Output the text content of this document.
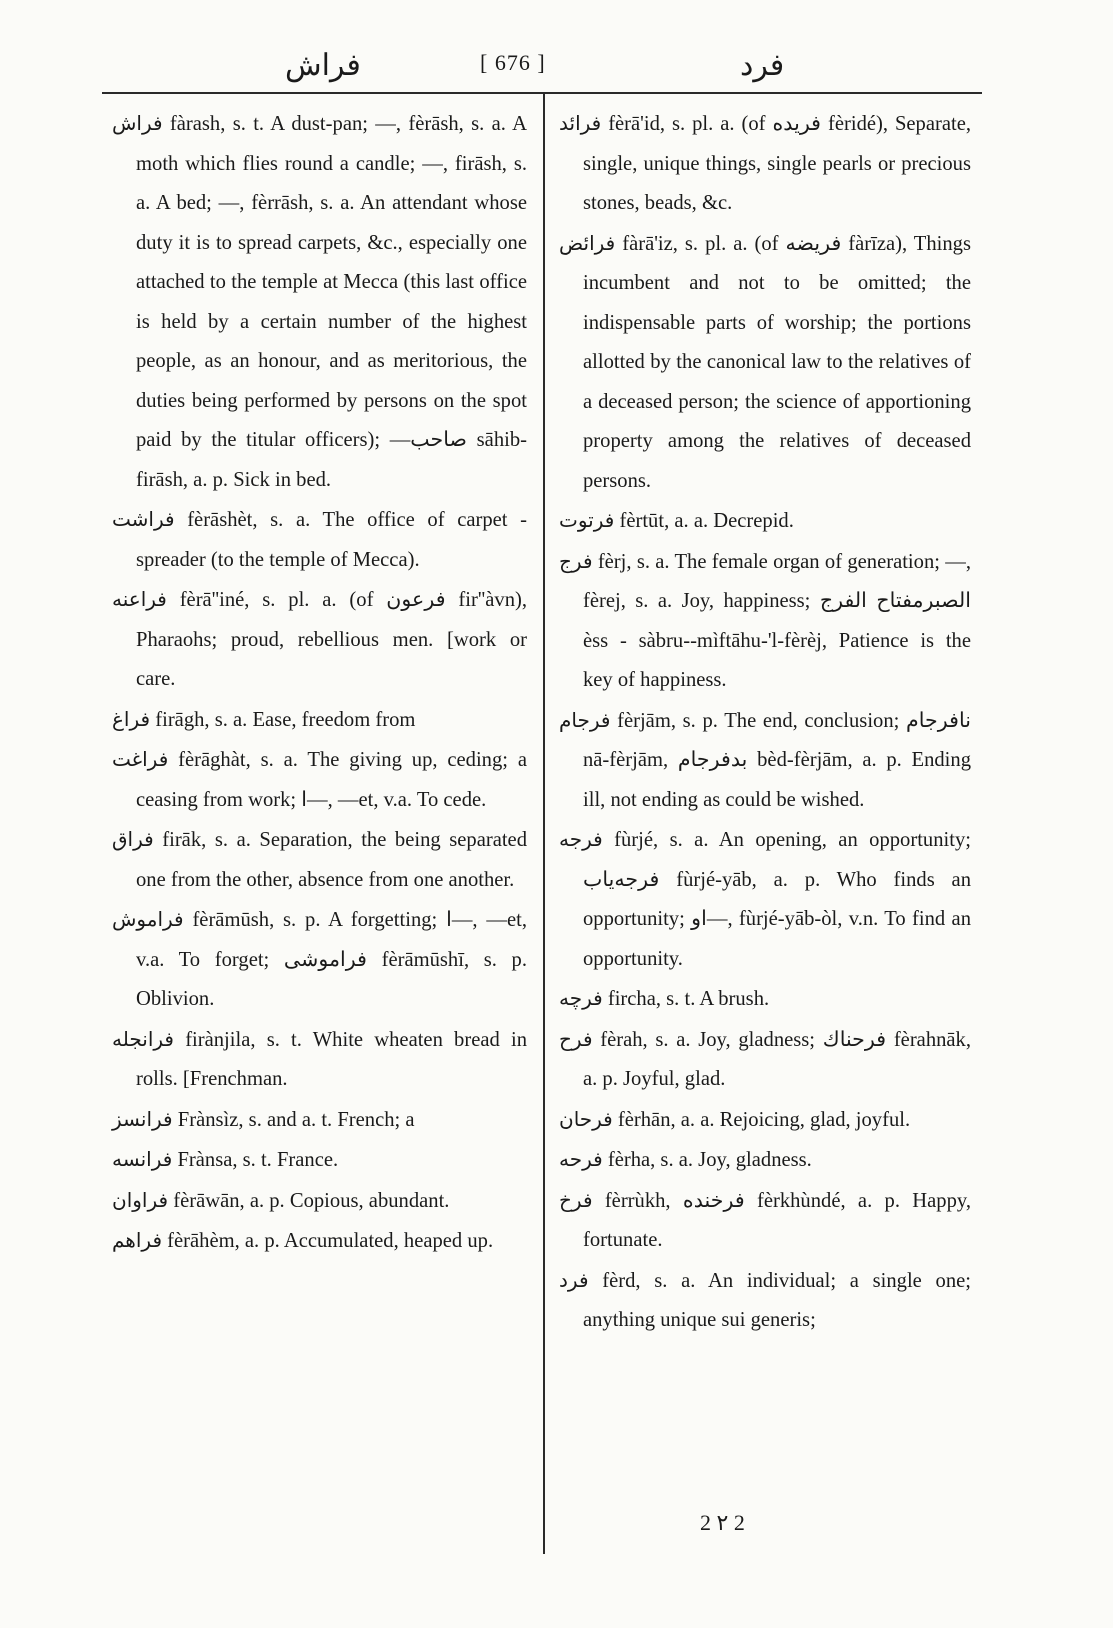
فراش	[ 676 ]	فرد

فراش fàrash, s. t. A dust-pan; —, fèrāsh, s. a. A moth which flies round a candle; —, firāsh, s. a. A bed; —, fèrrāsh, s. a. An attendant whose duty it is to spread carpets, &c., especially one attached to the temple at Mecca (this last office is held by a certain number of the highest people, as an honour, and as meritorious, the duties being performed by persons on the spot paid by the titular officers); —صاحب sāhib-firāsh, a. p. Sick in bed.

فراشت fèrāshèt, s. a. The office of carpet - spreader (to the temple of Mecca).

فراعنه fèrā''iné, s. pl. a. (of فرعون fir''àvn), Pharaohs; proud, rebellious men. [work or care.

فراغ firāgh, s. a. Ease, freedom from

فراغت fèrāghàt, s. a. The giving up, ceding; a ceasing from work; ا—, —et, v.a. To cede.

فراق firāk, s. a. Separation, the being separated one from the other, absence from one another.

فراموش fèrāmūsh, s. p. A forgetting; ا—, —et, v.a. To forget; فراموشی fèrāmūshī, s. p. Oblivion.

فرانجله firànjila, s. t. White wheaten bread in rolls. [Frenchman.

فرانسز Frànsìz, s. and a. t. French; a

فرانسه Frànsa, s. t. France.

فراوان fèrāwān, a. p. Copious, abundant.

فراهم fèrāhèm, a. p. Accumulated, heaped up.

فرائد fèrā'id, s. pl. a. (of فریده fèridé), Separate, single, unique things, single pearls or precious stones, beads, &c.

فرائض fàrā'iz, s. pl. a. (of فریضه fàrīza), Things incumbent and not to be omitted; the indispensable parts of worship; the portions allotted by the canonical law to the relatives of a deceased person; the science of apportioning property among the relatives of deceased persons.

فرتوت fèrtūt, a. a. Decrepid.

فرج fèrj, s. a. The female organ of generation; —, fèrej, s. a. Joy, happiness; الصبرمفتاح الفرج èss - sàbru--mìftāhu-'l-fèrèj, Patience is the key of happiness.

فرجام fèrjām, s. p. The end, conclusion; نافرجام nā-fèrjām, بدفرجام bèd-fèrjām, a. p. Ending ill, not ending as could be wished.

فرجه fùrjé, s. a. An opening, an opportunity; فرجه‌یاب fùrjé-yāb, a. p. Who finds an opportunity; او—, fùrjé-yāb-òl, v.n. To find an opportunity.

فرچه fircha, s. t. A brush.

فرح fèrah, s. a. Joy, gladness; فرحناك fèrahnāk, a. p. Joyful, glad.

فرحان fèrhān, a. a. Rejoicing, glad, joyful.

فرحه fèrha, s. a. Joy, gladness.

فرخ fèrrùkh, فرخنده fèrkhùndé, a. p. Happy, fortunate.

فرد fèrd, s. a. An individual; a single one; anything unique sui generis;

2 ۲ 2
